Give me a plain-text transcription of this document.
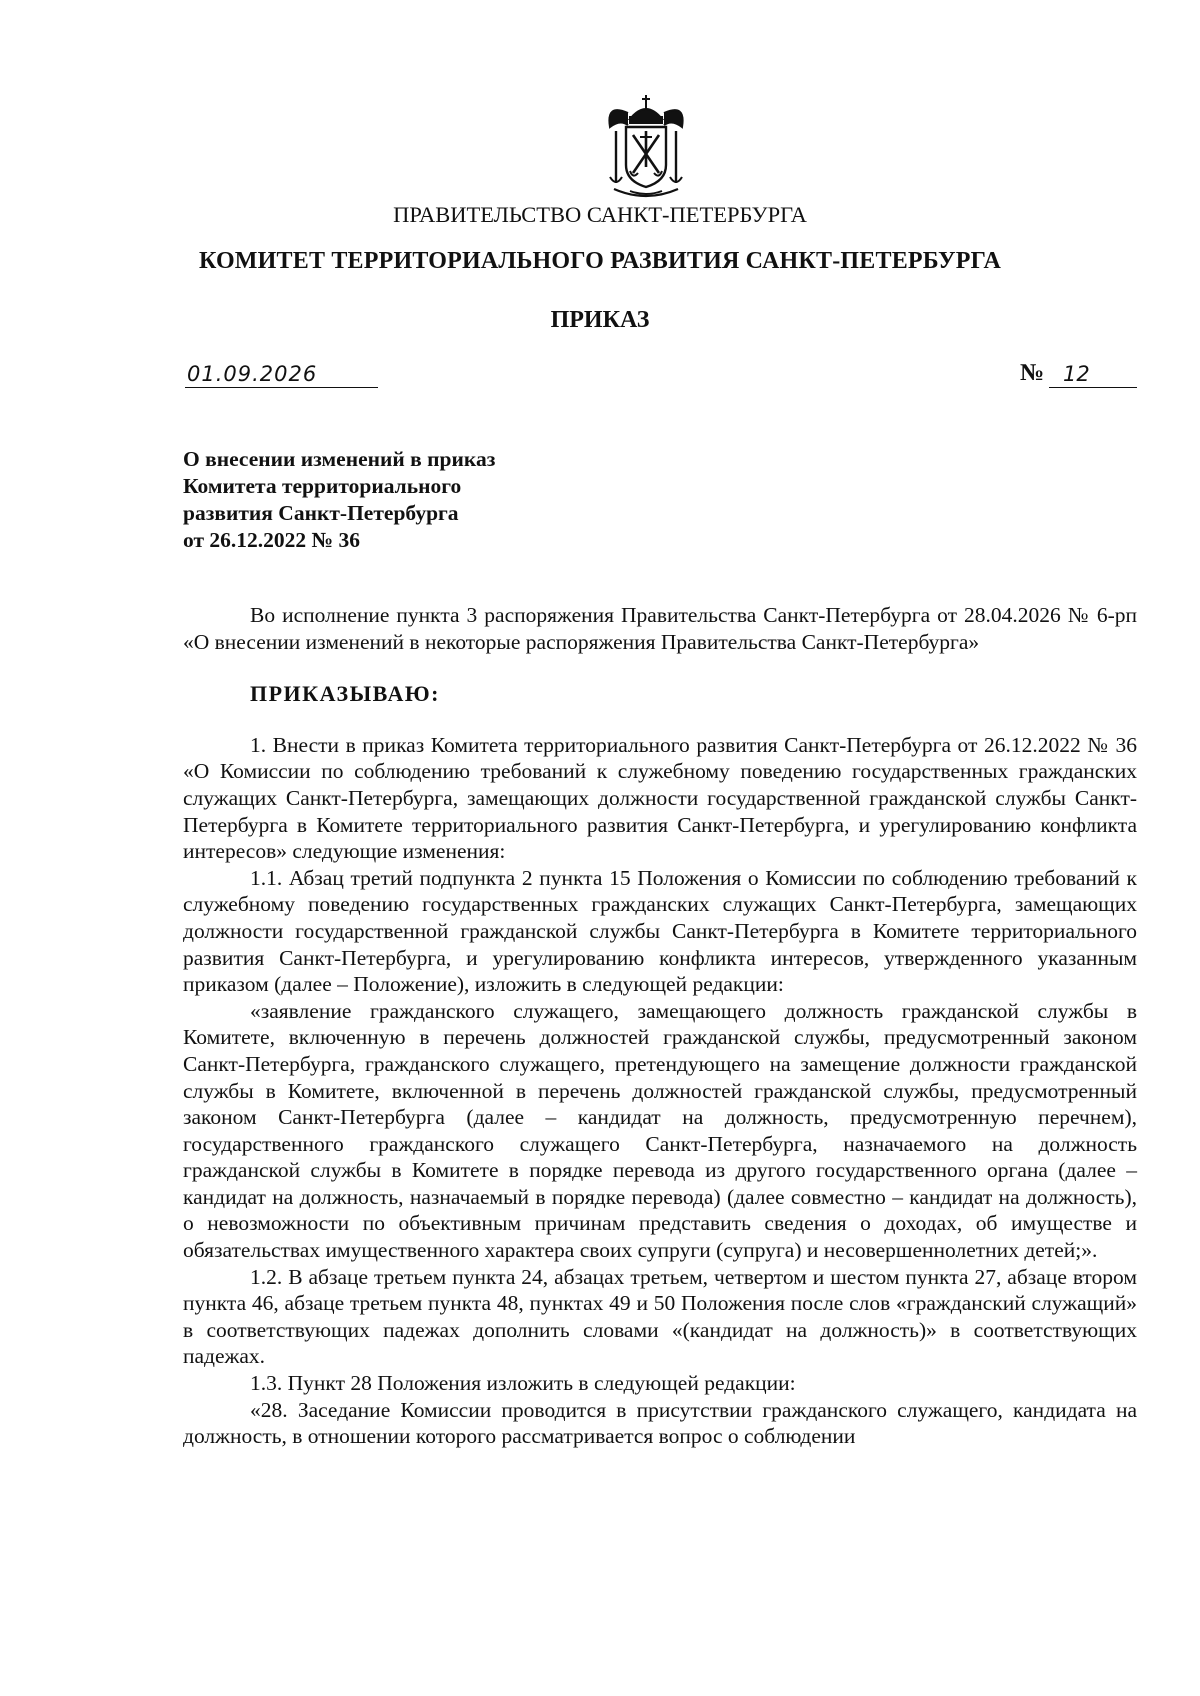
ПРАВИТЕЛЬСТВО САНКТ-ПЕТЕРБУРГА
КОМИТЕТ ТЕРРИТОРИАЛЬНОГО РАЗВИТИЯ САНКТ-ПЕТЕРБУРГА
ПРИКАЗ
01.09.2026	№ 12
О внесении изменений в приказ
Комитета территориального
развития Санкт-Петербурга
от 26.12.2022 № 36

Во исполнение пункта 3 распоряжения Правительства Санкт-Петербурга от 28.04.2026 № 6-рп «О внесении изменений в некоторые распоряжения Правительства Санкт-Петербурга»

ПРИКАЗЫВАЮ:

1. Внести в приказ Комитета территориального развития Санкт-Петербурга от 26.12.2022 № 36 «О Комиссии по соблюдению требований к служебному поведению государственных гражданских служащих Санкт-Петербурга, замещающих должности государственной гражданской службы Санкт-Петербурга в Комитете территориального развития Санкт-Петербурга, и урегулированию конфликта интересов» следующие изменения:

1.1. Абзац третий подпункта 2 пункта 15 Положения о Комиссии по соблюдению требований к служебному поведению государственных гражданских служащих Санкт-Петербурга, замещающих должности государственной гражданской службы Санкт-Петербурга в Комитете территориального развития Санкт-Петербурга, и урегулированию конфликта интересов, утвержденного указанным приказом (далее – Положение), изложить в следующей редакции:

«заявление гражданского служащего, замещающего должность гражданской службы в Комитете, включенную в перечень должностей гражданской службы, предусмотренный законом Санкт-Петербурга, гражданского служащего, претендующего на замещение должности гражданской службы в Комитете, включенной в перечень должностей гражданской службы, предусмотренный законом Санкт-Петербурга (далее – кандидат на должность, предусмотренную перечнем), государственного гражданского служащего Санкт-Петербурга, назначаемого на должность гражданской службы в Комитете в порядке перевода из другого государственного органа (далее – кандидат на должность, назначаемый в порядке перевода) (далее совместно – кандидат на должность), о невозможности по объективным причинам представить сведения о доходах, об имуществе и обязательствах имущественного характера своих супруги (супруга) и несовершеннолетних детей;».

1.2. В абзаце третьем пункта 24, абзацах третьем, четвертом и шестом пункта 27, абзаце втором пункта 46, абзаце третьем пункта 48, пунктах 49 и 50 Положения после слов «гражданский служащий» в соответствующих падежах дополнить словами «(кандидат на должность)» в соответствующих падежах.

1.3. Пункт 28 Положения изложить в следующей редакции:

«28. Заседание Комиссии проводится в присутствии гражданского служащего, кандидата на должность, в отношении которого рассматривается вопрос о соблюдении
